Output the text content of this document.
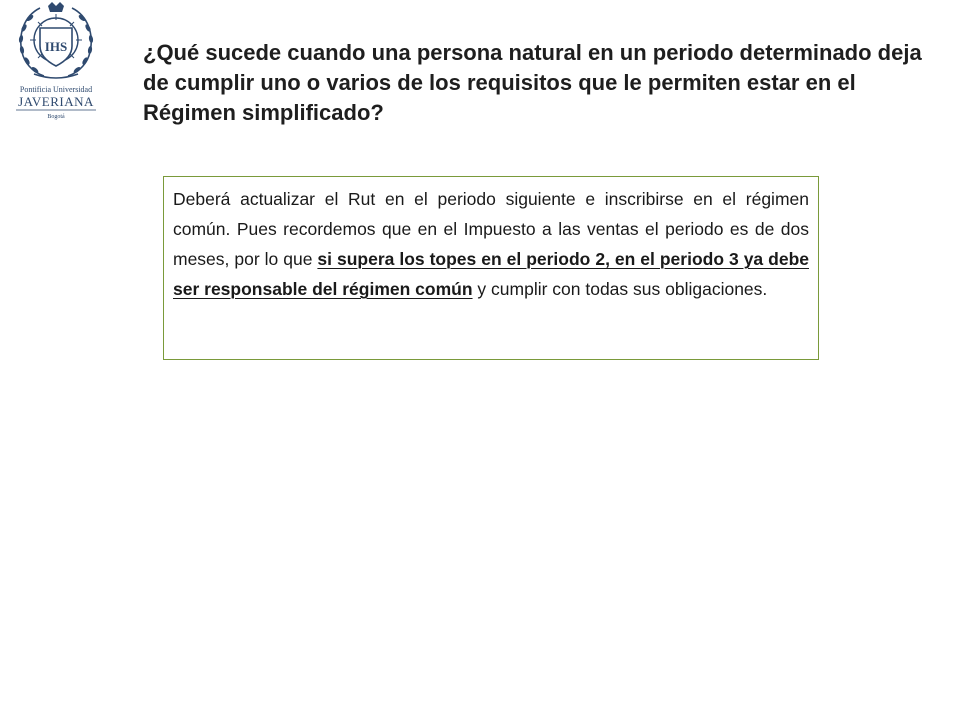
IHS
Pontificia Universidad
JAVERIANA
Bogotá
¿Qué sucede cuando una persona natural en un periodo determinado deja de cumplir uno o varios de los requisitos que le permiten estar en el Régimen simplificado?

Deberá actualizar el Rut en el periodo siguiente e inscribirse en el régimen común. Pues recordemos que en el Impuesto a las ventas el periodo es de dos meses, por lo que si supera los topes en el periodo 2, en el periodo 3 ya debe ser responsable del régimen común y cumplir con todas sus obligaciones.
